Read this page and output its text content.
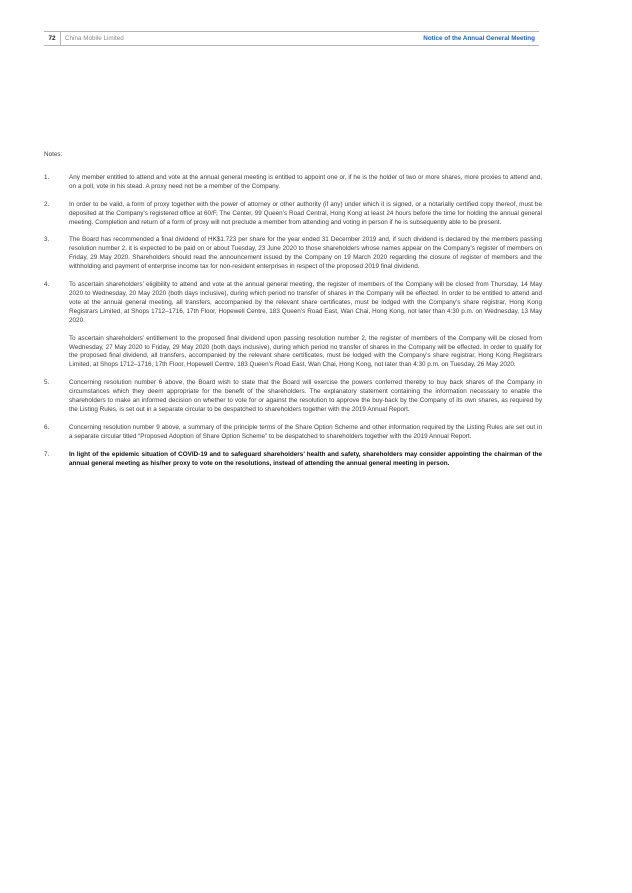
72	China Mobile Limited	Notice of the Annual General Meeting
Notes:
1.	Any member entitled to attend and vote at the annual general meeting is entitled to appoint one or, if he is the holder of two or more shares, more proxies to attend and, on a poll, vote in his stead. A proxy need not be a member of the Company.

2.	In order to be valid, a form of proxy together with the power of attorney or other authority (if any) under which it is signed, or a notarially certified copy thereof, must be deposited at the Company’s registered office at 60/F, The Center, 99 Queen’s Road Central, Hong Kong at least 24 hours before the time for holding the annual general meeting. Completion and return of a form of proxy will not preclude a member from attending and voting in person if he is subsequently able to be present.

3.	The Board has recommended a final dividend of HK$1.723 per share for the year ended 31 December 2019 and, if such dividend is declared by the members passing resolution number 2, it is expected to be paid on or about Tuesday, 23 June 2020 to those shareholders whose names appear on the Company’s register of members on Friday, 29 May 2020. Shareholders should read the announcement issued by the Company on 19 March 2020 regarding the closure of register of members and the withholding and payment of enterprise income tax for non-resident enterprises in respect of the proposed 2019 final dividend.

4.	To ascertain shareholders’ eligibility to attend and vote at the annual general meeting, the register of members of the Company will be closed from Thursday, 14 May 2020 to Wednesday, 20 May 2020 (both days inclusive), during which period no transfer of shares in the Company will be effected. In order to be entitled to attend and vote at the annual general meeting, all transfers, accompanied by the relevant share certificates, must be lodged with the Company’s share registrar, Hong Kong Registrars Limited, at Shops 1712–1716, 17th Floor, Hopewell Centre, 183 Queen’s Road East, Wan Chai, Hong Kong, not later than 4:30 p.m. on Wednesday, 13 May 2020.

To ascertain shareholders’ entitlement to the proposed final dividend upon passing resolution number 2, the register of members of the Company will be closed from Wednesday, 27 May 2020 to Friday, 29 May 2020 (both days inclusive), during which period no transfer of shares in the Company will be effected. In order to qualify for the proposed final dividend, all transfers, accompanied by the relevant share certificates, must be lodged with the Company’s share registrar, Hong Kong Registrars Limited, at Shops 1712–1716, 17th Floor, Hopewell Centre, 183 Queen’s Road East, Wan Chai, Hong Kong, not later than 4:30 p.m. on Tuesday, 26 May 2020.

5.	Concerning resolution number 6 above, the Board wish to state that the Board will exercise the powers conferred thereby to buy back shares of the Company in circumstances which they deem appropriate for the benefit of the shareholders. The explanatory statement containing the information necessary to enable the shareholders to make an informed decision on whether to vote for or against the resolution to approve the buy-back by the Company of its own shares, as required by the Listing Rules, is set out in a separate circular to be despatched to shareholders together with the 2019 Annual Report.

6.	Concerning resolution number 9 above, a summary of the principle terms of the Share Option Scheme and other information required by the Listing Rules are set out in a separate circular titled “Proposed Adoption of Share Option Scheme” to be despatched to shareholders together with the 2019 Annual Report.

7.	In light of the epidemic situation of COVID-19 and to safeguard shareholders’ health and safety, shareholders may consider appointing the chairman of the annual general meeting as his/her proxy to vote on the resolutions, instead of attending the annual general meeting in person.
